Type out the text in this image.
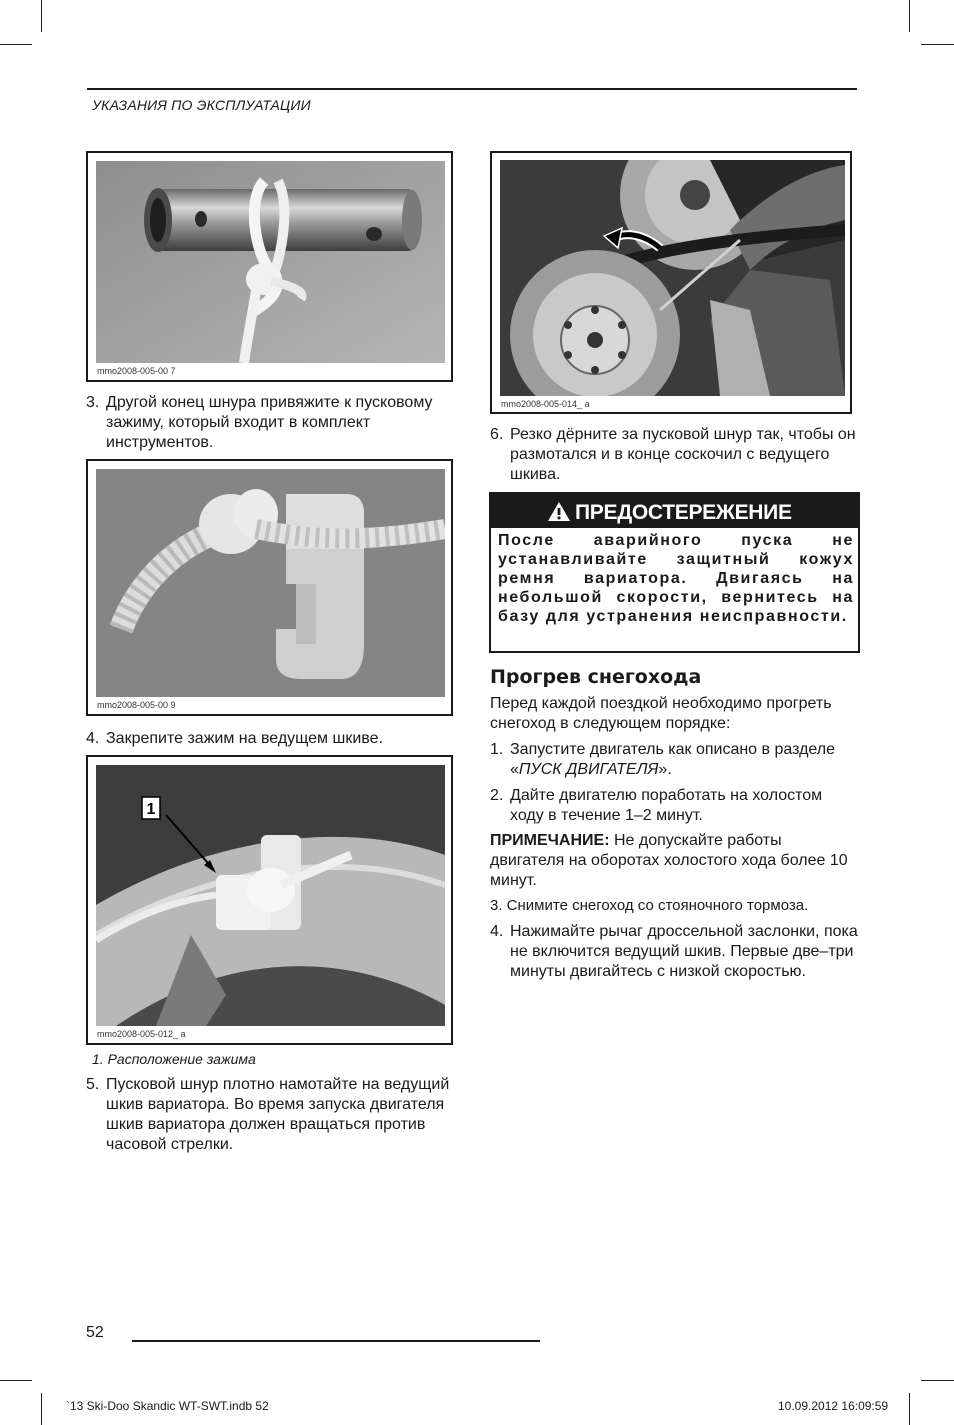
УКАЗАНИЯ ПО ЭКСПЛУАТАЦИИ
mmo2008-005-00 7
3. Другой конец шнура привяжите к пусковому зажиму, который входит в комплект инструментов.
mmo2008-005-00 9
4. Закрепите зажим на ведущем шкиве.
1
mmo2008-005-012_ a
1. Расположение зажима
5. Пусковой шнур плотно намотайте на ведущий шкив вариатора. Во время запуска двигателя шкив вариатора должен вращаться против часовой стрелки.
mmo2008-005-014_ a
6. Резко дёрните за пусковой шнур так, чтобы он размотался и в конце соскочил с ведущего шкива.
ПРЕДОСТЕРЕЖЕНИЕ
После аварийного пуска не устанавливайте защитный кожух ремня вариатора. Двигаясь на небольшой скорости, вернитесь на базу для устранения неисправности.
Прогрев снегохода
Перед каждой поездкой необходимо прогреть снегоход в следующем порядке:
1. Запустите двигатель как описано в разделе «ПУСК ДВИГАТЕЛЯ».
2. Дайте двигателю поработать на холостом ходу в течение 1–2 минут.
ПРИМЕЧАНИЕ: Не допускайте работы двигателя на оборотах холостого хода более 10 минут.
3. Снимите снегоход со стояночного тормоза.
4. Нажимайте рычаг дроссельной заслонки, пока не включится ведущий шкив. Первые две–три минуты двигайтесь с низкой скоростью.
52
`13 Ski-Doo Skandic WT-SWT.indb 52	10.09.2012 16:09:59
